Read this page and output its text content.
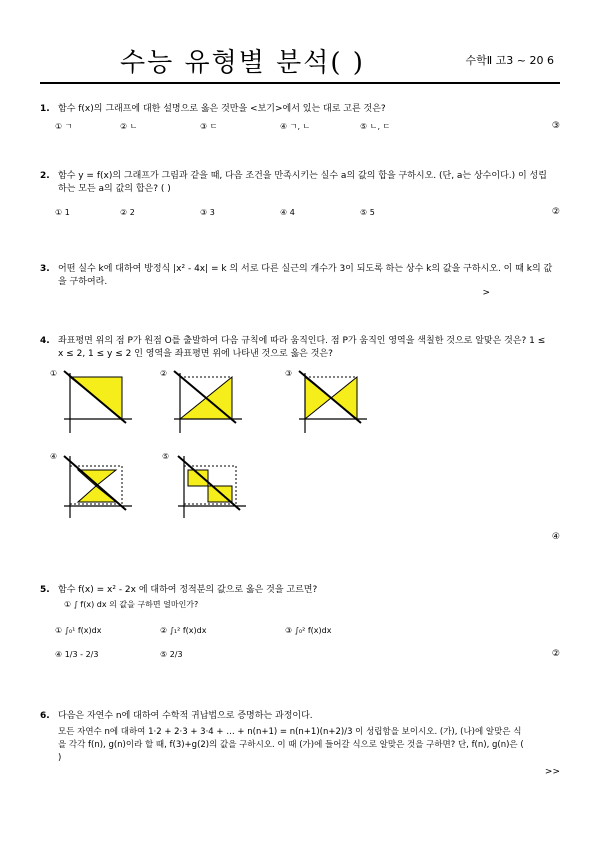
수능 유형별 분석( )	수학Ⅱ 고3 ~ 20 6
1. 함수 f(x)의 그래프에 대한 설명으로 옳은 것만을 <보기>에서 있는 대로 고른 것은?
① ㄱ	② ㄴ	③ ㄷ	④ ㄱ, ㄴ	⑤ ㄴ, ㄷ	③
2. 함수 y = f(x)의 그래프가 그림과 같을 때, 다음 조건을 만족시키는 실수 a의 값의 합을 구하시오. (단, a는 상수이다.) 이 성립하는 모든 a의 값의 합은? ( )
① 1	② 2	③ 3	④ 4	⑤ 5	②
3. 어떤 실수 k에 대하여 방정식 |x² - 4x| = k 의 서로 다른 실근의 개수가 3이 되도록 하는 상수 k의 값을 구하시오. 이 때 k의 값을 구하여라.
>
4. 좌표평면 위의 점 P가 원점 O를 출발하여 다음 규칙에 따라 움직인다. 점 P가 움직인 영역을 색칠한 것으로 알맞은 것은? 1 ≤ x ≤ 2, 1 ≤ y ≤ 2 인 영역을 좌표평면 위에 나타낸 것으로 옳은 것은?
④
①	②	③
④	⑤
5. 함수 f(x) = x² - 2x 에 대하여 정적분의 값으로 옳은 것을 고르면?
① ∫ f(x) dx 의 값을 구하면 얼마인가?
① ∫₀¹ f(x)dx	② ∫₁² f(x)dx	③ ∫₀² f(x)dx
④ 1/3 - 2/3	⑤ 2/3	②
6. 다음은 자연수 n에 대하여 수학적 귀납법으로 증명하는 과정이다.
모든 자연수 n에 대하여 1·2 + 2·3 + 3·4 + … + n(n+1) = n(n+1)(n+2)/3 이 성립함을 보이시오. (가), (나)에 알맞은 식을 각각 f(n), g(n)이라 할 때, f(3)+g(2)의 값을 구하시오. 이 때 (가)에 들어갈 식으로 알맞은 것을 구하면? 단, f(n), g(n)은 ( )
>>
